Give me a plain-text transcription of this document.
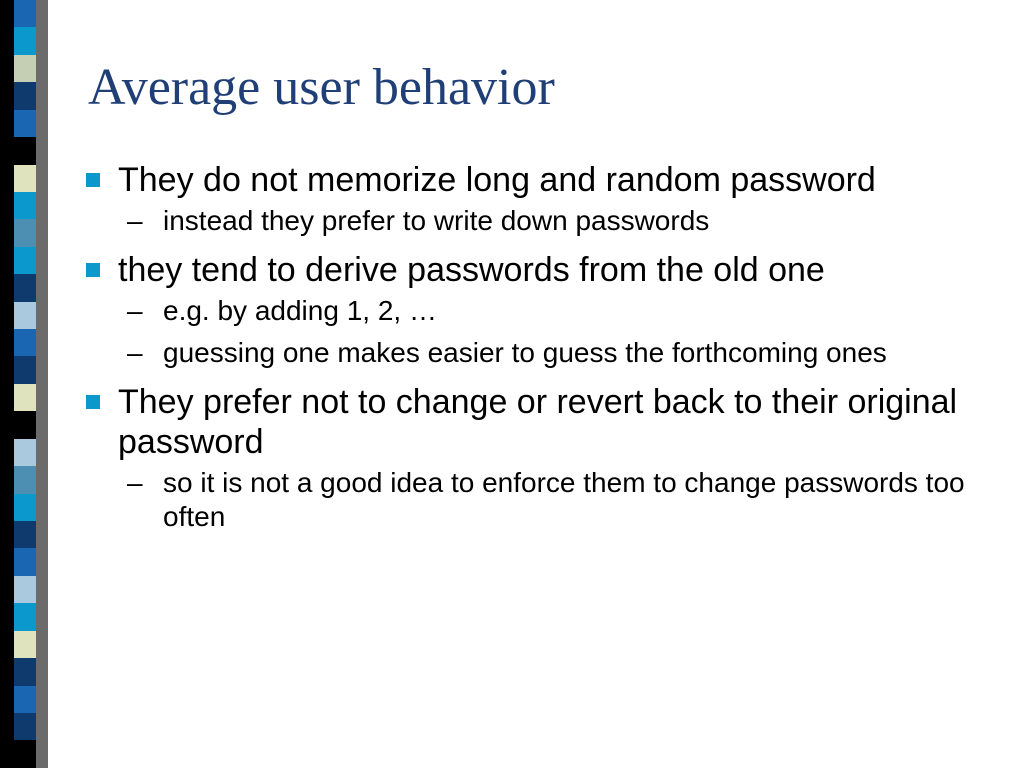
Average user behavior
They do not memorize long and random password
– instead they prefer to write down passwords
they tend to derive passwords from the old one
– e.g. by adding 1, 2, …
– guessing one makes easier to guess the forthcoming ones
They prefer not to change or revert back to their original password
– so it is not a good idea to enforce them to change passwords too often
